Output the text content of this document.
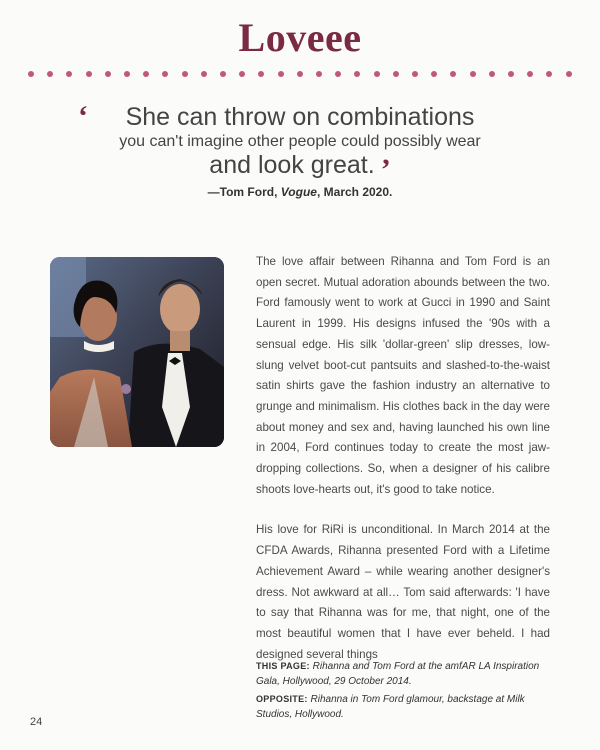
Loveee
‘	She can throw on combinations
you can't imagine other people could possibly wear
and look great. ’
—Tom Ford, Vogue, March 2020.

The love affair between Rihanna and Tom Ford is an open secret. Mutual adoration abounds between the two. Ford famously went to work at Gucci in 1990 and Saint Laurent in 1999. His designs infused the '90s with a sensual edge. His silk 'dollar-green' slip dresses, low-slung velvet boot-cut pantsuits and slashed-to-the-waist satin shirts gave the fashion industry an alternative to grunge and minimalism. His clothes back in the day were about money and sex and, having launched his own line in 2004, Ford continues today to create the most jaw-dropping collections. So, when a designer of his calibre shoots love-hearts out, it's good to take notice.

His love for RiRi is unconditional. In March 2014 at the CFDA Awards, Rihanna presented Ford with a Lifetime Achievement Award – while wearing another designer's dress. Not awkward at all… Tom said afterwards: 'I have to say that Rihanna was for me, that night, one of the most beautiful women that I have ever beheld. I had designed several things

THIS PAGE: Rihanna and Tom Ford at the amfAR LA Inspiration Gala, Hollywood, 29 October 2014.

OPPOSITE: Rihanna in Tom Ford glamour, backstage at Milk Studios, Hollywood.

24
